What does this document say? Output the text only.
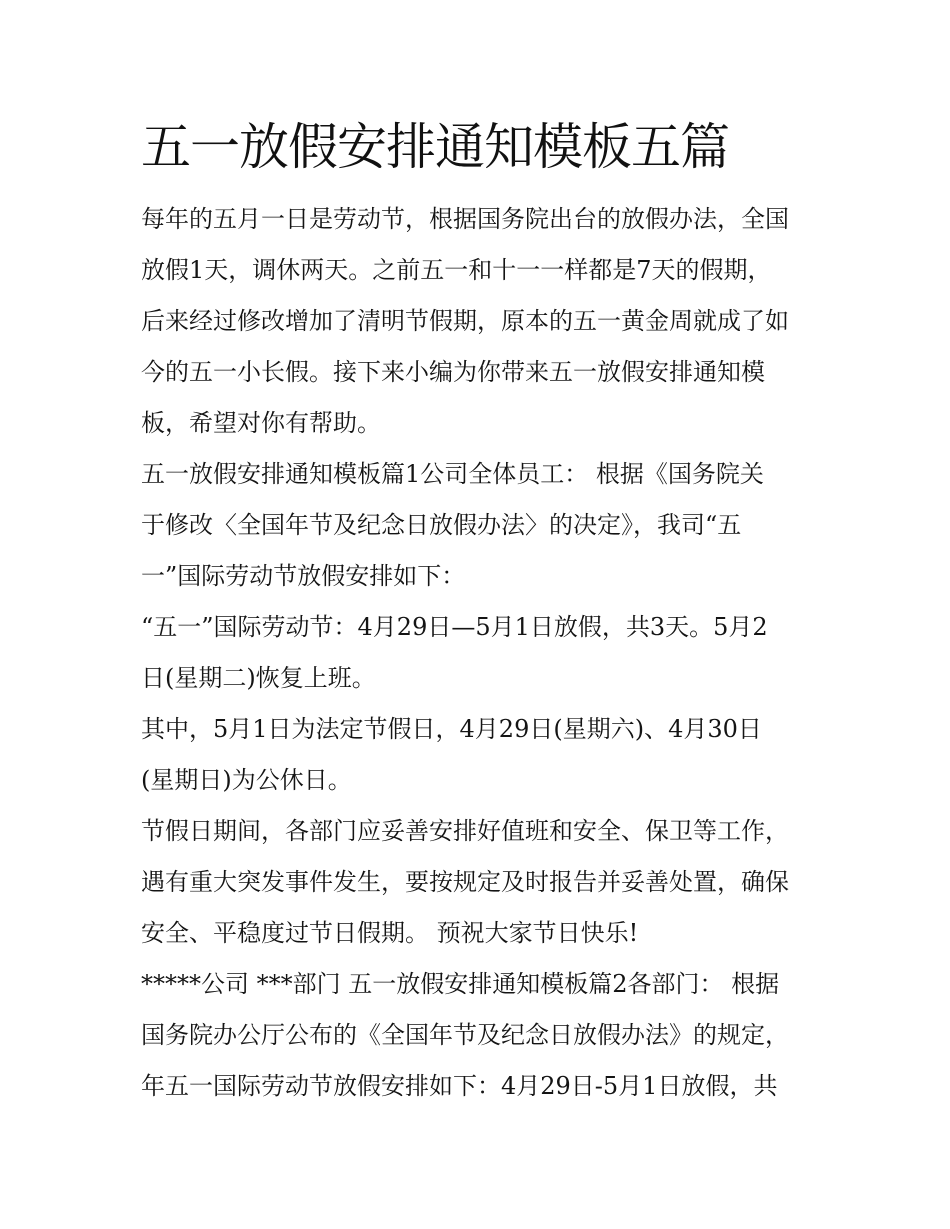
五一放假安排通知模板五篇
每年的五月一日是劳动节，根据国务院出台的放假办法，全国
放假1天，调休两天。之前五一和十一一样都是7天的假期，
后来经过修改增加了清明节假期，原本的五一黄金周就成了如
今的五一小长假。接下来小编为你带来五一放假安排通知模
板，希望对你有帮助。
五一放假安排通知模板篇1公司全体员工： 根据《国务院关
于修改〈全国年节及纪念日放假办法〉的决定》，我司“五
一”国际劳动节放假安排如下：
“五一”国际劳动节：4月29日—5月1日放假，共3天。5月2
日(星期二)恢复上班。
其中，5月1日为法定节假日，4月29日(星期六)、4月30日
(星期日)为公休日。
节假日期间，各部门应妥善安排好值班和安全、保卫等工作，
遇有重大突发事件发生，要按规定及时报告并妥善处置，确保
安全、平稳度过节日假期。 预祝大家节日快乐!
*****公司 ***部门 五一放假安排通知模板篇2各部门： 根据
国务院办公厅公布的《全国年节及纪念日放假办法》的规定，
年五一国际劳动节放假安排如下：4月29日-5月1日放假，共
